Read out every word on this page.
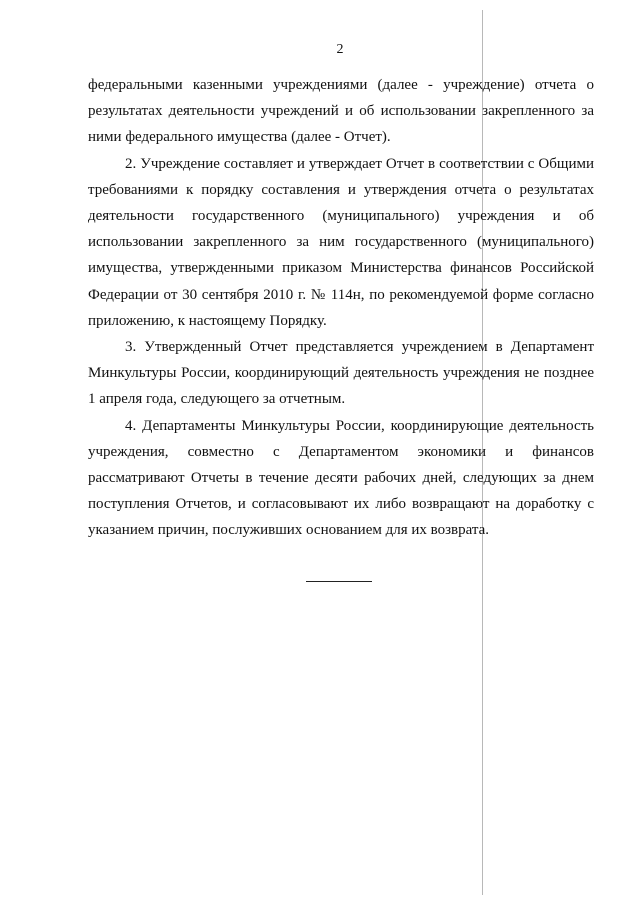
2

федеральными казенными учреждениями (далее - учреждение) отчета о
результатах деятельности учреждений и об использовании закрепленного за
ними федерального имущества (далее - Отчет).

2. Учреждение составляет и утверждает Отчет в соответствии с Общими
требованиями к порядку составления и утверждения отчета о результатах
деятельности государственного (муниципального) учреждения и об
использовании закрепленного за ним государственного (муниципального)
имущества, утвержденными приказом Министерства финансов Российской
Федерации от 30 сентября 2010 г. № 114н, по рекомендуемой форме согласно
приложению, к настоящему Порядку.

3. Утвержденный Отчет представляется учреждением в Департамент
Минкультуры России, координирующий деятельность учреждения не позднее
1 апреля года, следующего за отчетным.

4. Департаменты Минкультуры России, координирующие деятельность
учреждения, совместно с Департаментом экономики и финансов
рассматривают Отчеты в течение десяти рабочих дней, следующих за днем
поступления Отчетов, и согласовывают их либо возвращают на доработку с
указанием причин, послуживших основанием для их возврата.
